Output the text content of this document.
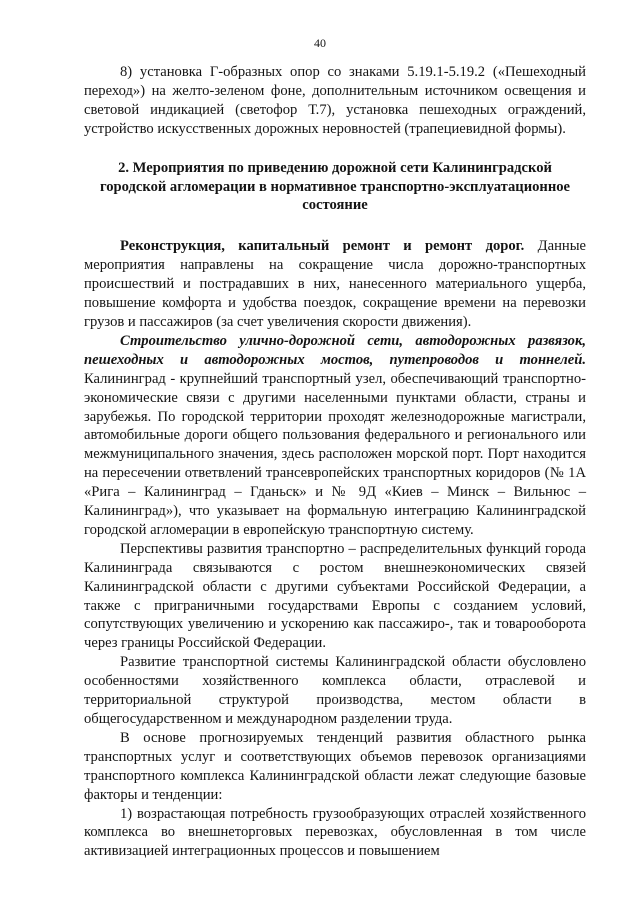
40

8) установка Г-образных опор со знаками 5.19.1-5.19.2 («Пешеходный переход») на желто-зеленом фоне, дополнительным источником освещения и световой индикацией (светофор Т.7), установка пешеходных ограждений, устройство искусственных дорожных неровностей (трапециевидной формы).

2. Мероприятия по приведению дорожной сети Калининградской городской агломерации в нормативное транспортно-эксплуатационное состояние

Реконструкция, капитальный ремонт и ремонт дорог. Данные мероприятия направлены на сокращение числа дорожно-транспортных происшествий и пострадавших в них, нанесенного материального ущерба, повышение комфорта и удобства поездок, сокращение времени на перевозки грузов и пассажиров (за счет увеличения скорости движения).

Строительство улично-дорожной сети, автодорожных развязок, пешеходных и автодорожных мостов, путепроводов и тоннелей. Калининград - крупнейший транспортный узел, обеспечивающий транспортно-экономические связи с другими населенными пунктами области, страны и зарубежья. По городской территории проходят железнодорожные магистрали, автомобильные дороги общего пользования федерального и регионального или межмуниципального значения, здесь расположен морской порт. Порт находится на пересечении ответвлений трансевропейских транспортных коридоров (№ 1А «Рига – Калининград – Гданьск» и № 9Д «Киев – Минск – Вильнюс – Калининград»), что указывает на формальную интеграцию Калининградской городской агломерации в европейскую транспортную систему.

Перспективы развития транспортно – распределительных функций города Калининграда связываются с ростом внешнеэкономических связей Калининградской области с другими субъектами Российской Федерации, а также с приграничными государствами Европы с созданием условий, сопутствующих увеличению и ускорению как пассажиро-, так и товарооборота через границы Российской Федерации.

Развитие транспортной системы Калининградской области обусловлено особенностями хозяйственного комплекса области, отраслевой и территориальной структурой производства, местом области в общегосударственном и международном разделении труда.

В основе прогнозируемых тенденций развития областного рынка транспортных услуг и соответствующих объемов перевозок организациями транспортного комплекса Калининградской области лежат следующие базовые факторы и тенденции:

1) возрастающая потребность грузообразующих отраслей хозяйственного комплекса во внешнеторговых перевозках, обусловленная в том числе активизацией интеграционных процессов и повышением
